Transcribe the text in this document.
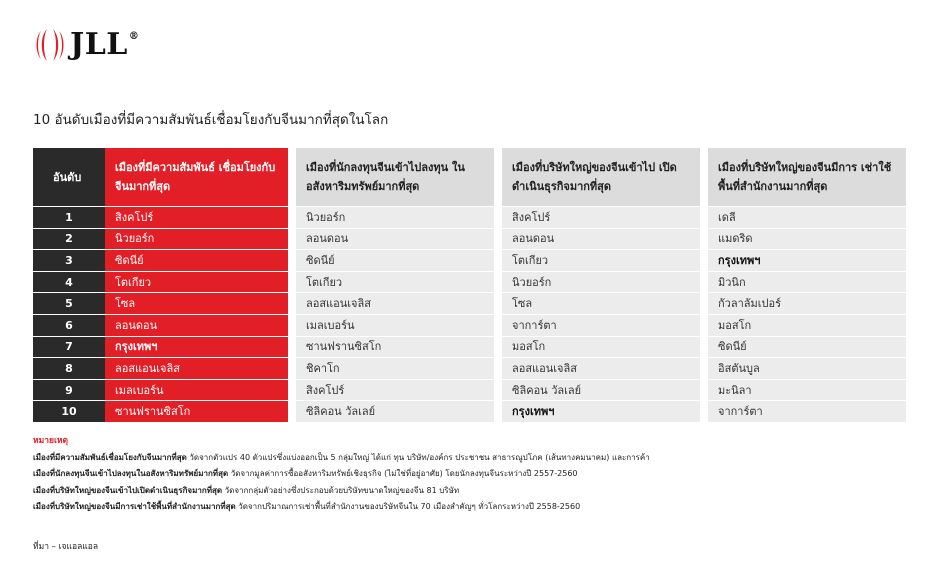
JLL®
10 อันดับเมืองที่มีความสัมพันธ์เชื่อมโยงกับจีนมากที่สุดในโลก
อันดับ	เมืองที่มีความสัมพันธ์ เชื่อมโยงกับจีนมากที่สุด	เมืองที่นักลงทุนจีนเข้าไปลงทุน ในอสังหาริมทรัพย์มากที่สุด	เมืองที่บริษัทใหญ่ของจีนเข้าไป เปิดดำเนินธุรกิจมากที่สุด	เมืองที่บริษัทใหญ่ของจีนมีการ เช่าใช้พื้นที่สำนักงานมากที่สุด
1	สิงคโปร์	นิวยอร์ก	สิงคโปร์	เดลี
2	นิวยอร์ก	ลอนดอน	ลอนดอน	แมดริด
3	ซิดนีย์	ซิดนีย์	โตเกียว	กรุงเทพฯ
4	โตเกียว	โตเกียว	นิวยอร์ก	มิวนิก
5	โซล	ลอสแอนเจลิส	โซล	กัวลาลัมเปอร์
6	ลอนดอน	เมลเบอร์น	จาการ์ตา	มอสโก
7	กรุงเทพฯ	ซานฟรานซิสโก	มอสโก	ซิดนีย์
8	ลอสแอนเจลิส	ชิคาโก	ลอสแอนเจลิส	อิสตันบูล
9	เมลเบอร์น	สิงคโปร์	ซิลิคอน วัลเลย์	มะนิลา
10	ซานฟรานซิสโก	ซิลิคอน วัลเลย์	กรุงเทพฯ	จาการ์ตา
หมายเหตุ
เมืองที่มีความสัมพันธ์เชื่อมโยงกับจีนมากที่สุด วัดจากตัวแปร 40 ตัวแปรซึ่งแบ่งออกเป็น 5 กลุ่มใหญ่ ได้แก่ ทุน บริษัท/องค์กร ประชาชน สาธารณูปโภค (เส้นทางคมนาคม) และการค้า
เมืองที่นักลงทุนจีนเข้าไปลงทุนในอสังหาริมทรัพย์มากที่สุด วัดจากมูลค่าการซื้ออสังหาริมทรัพย์เชิงธุรกิจ (ไม่ใช่ที่อยู่อาศัย) โดยนักลงทุนจีนระหว่างปี 2557-2560
เมืองที่บริษัทใหญ่ของจีนเข้าไปเปิดดำเนินธุรกิจมากที่สุด วัดจากกลุ่มตัวอย่างซึ่งประกอบด้วยบริษัทขนาดใหญ่ของจีน 81 บริษัท
เมืองที่บริษัทใหญ่ของจีนมีการเช่าใช้พื้นที่สำนักงานมากที่สุด วัดจากปริมาณการเช่าพื้นที่สำนักงานของบริษัทจีนใน 70 เมืองสำคัญๆ ทั่วโลกระหว่างปี 2558-2560
ที่มา – เจแอลแอล
